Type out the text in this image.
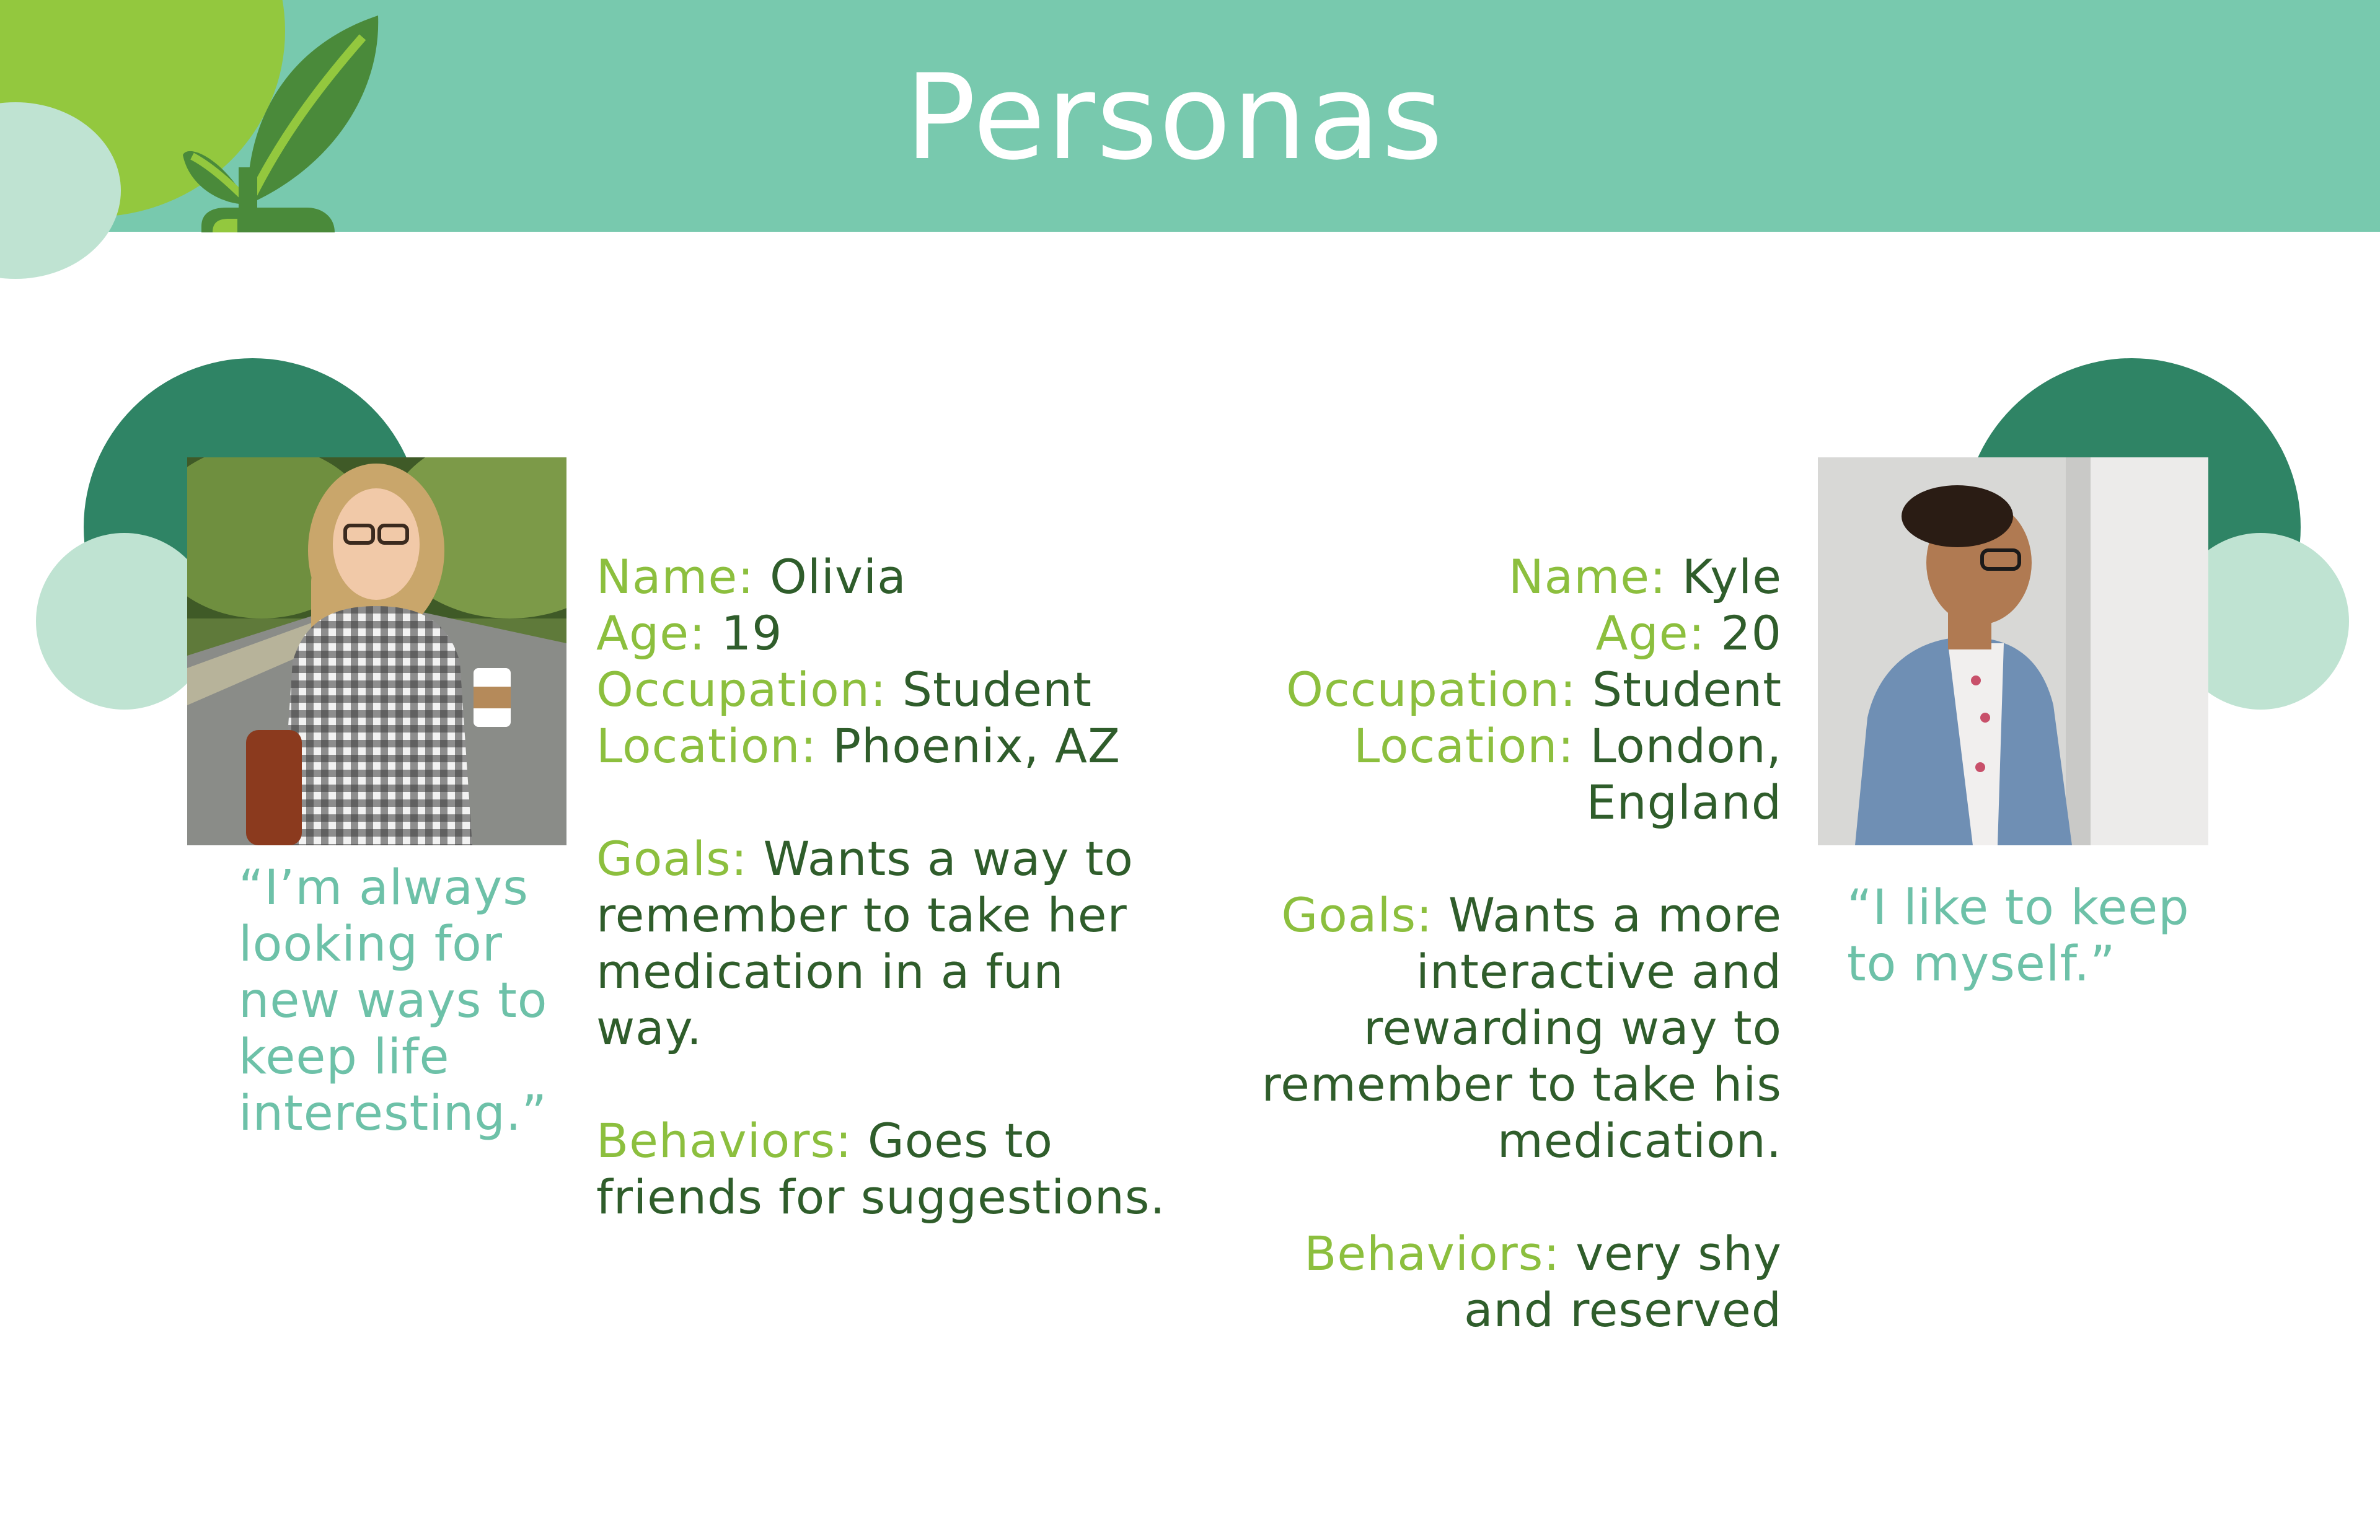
Personas
“I’m always looking for new ways to keep life interesting.”
Name: Olivia
Age: 19
Occupation: Student
Location: Phoenix, AZ
Goals: Wants a way to remember to take her medication in a fun way.
Behaviors: Goes to friends for suggestions.
“I like to keep to myself.”
Name: Kyle
Age: 20
Occupation: Student
Location: London, England
Goals: Wants a more interactive and rewarding way to remember to take his medication.
Behaviors: very shy and reserved
